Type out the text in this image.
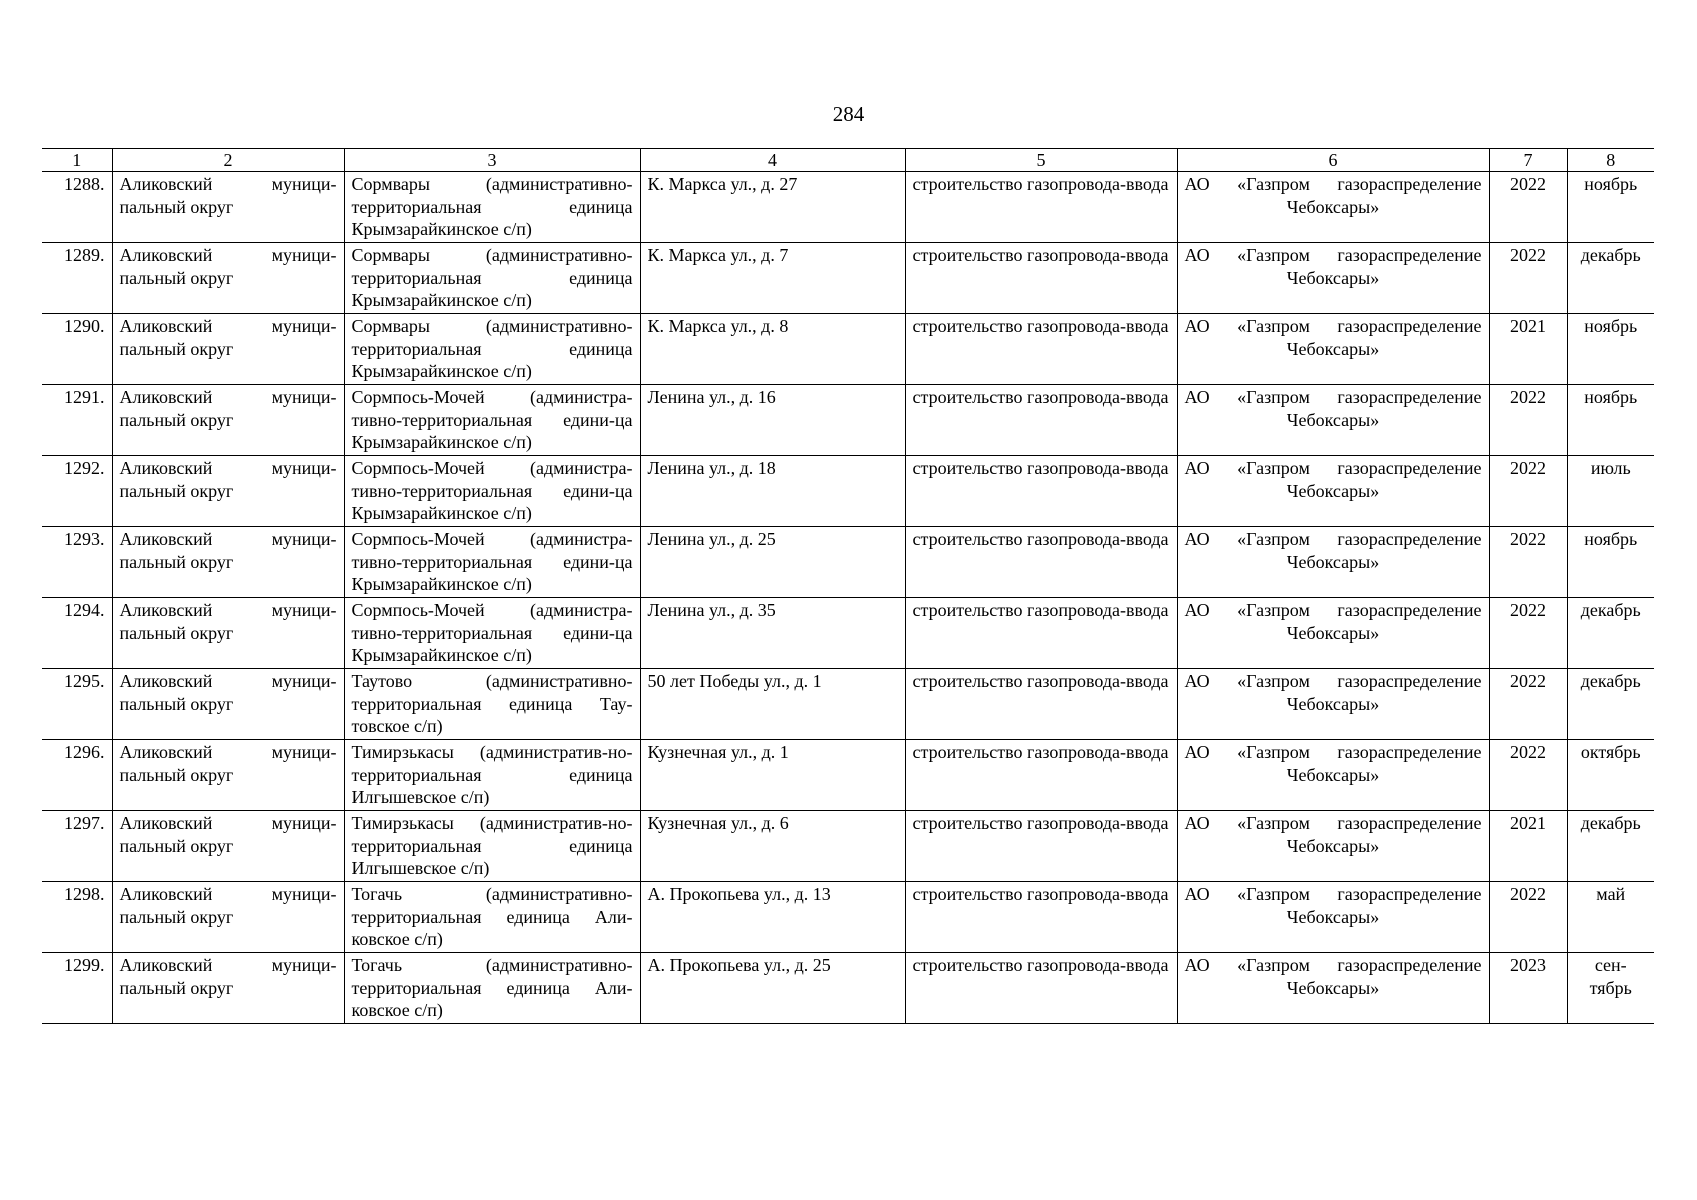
284
1	2	3	4	5	6	7	8
1288.	Аликовский муници-пальный округ	Сормвары (административно-территориальная единица Крымзарайкинское с/п)	К. Маркса ул., д. 27	строительство газопровода-ввода	АО «Газпром газораспределение Чебоксары»	2022	ноябрь
1289.	Аликовский муници-пальный округ	Сормвары (административно-территориальная единица Крымзарайкинское с/п)	К. Маркса ул., д. 7	строительство газопровода-ввода	АО «Газпром газораспределение Чебоксары»	2022	декабрь
1290.	Аликовский муници-пальный округ	Сормвары (административно-территориальная единица Крымзарайкинское с/п)	К. Маркса ул., д. 8	строительство газопровода-ввода	АО «Газпром газораспределение Чебоксары»	2021	ноябрь
1291.	Аликовский муници-пальный округ	Сормпось-Мочей (администра-тивно-территориальная едини-ца Крымзарайкинское с/п)	Ленина ул., д. 16	строительство газопровода-ввода	АО «Газпром газораспределение Чебоксары»	2022	ноябрь
1292.	Аликовский муници-пальный округ	Сормпось-Мочей (администра-тивно-территориальная едини-ца Крымзарайкинское с/п)	Ленина ул., д. 18	строительство газопровода-ввода	АО «Газпром газораспределение Чебоксары»	2022	июль
1293.	Аликовский муници-пальный округ	Сормпось-Мочей (администра-тивно-территориальная едини-ца Крымзарайкинское с/п)	Ленина ул., д. 25	строительство газопровода-ввода	АО «Газпром газораспределение Чебоксары»	2022	ноябрь
1294.	Аликовский муници-пальный округ	Сормпось-Мочей (администра-тивно-территориальная едини-ца Крымзарайкинское с/п)	Ленина ул., д. 35	строительство газопровода-ввода	АО «Газпром газораспределение Чебоксары»	2022	декабрь
1295.	Аликовский муници-пальный округ	Таутово (административно-территориальная единица Тау-товское с/п)	50 лет Победы ул., д. 1	строительство газопровода-ввода	АО «Газпром газораспределение Чебоксары»	2022	декабрь
1296.	Аликовский муници-пальный округ	Тимирзькасы (административ-но-территориальная единица Илгышевское с/п)	Кузнечная ул., д. 1	строительство газопровода-ввода	АО «Газпром газораспределение Чебоксары»	2022	октябрь
1297.	Аликовский муници-пальный округ	Тимирзькасы (административ-но-территориальная единица Илгышевское с/п)	Кузнечная ул., д. 6	строительство газопровода-ввода	АО «Газпром газораспределение Чебоксары»	2021	декабрь
1298.	Аликовский муници-пальный округ	Тогачь (административно-территориальная единица Али-ковское с/п)	А. Прокопьева ул., д. 13	строительство газопровода-ввода	АО «Газпром газораспределение Чебоксары»	2022	май
1299.	Аликовский муници-пальный округ	Тогачь (административно-территориальная единица Али-ковское с/п)	А. Прокопьева ул., д. 25	строительство газопровода-ввода	АО «Газпром газораспределение Чебоксары»	2023	сен-тябрь
